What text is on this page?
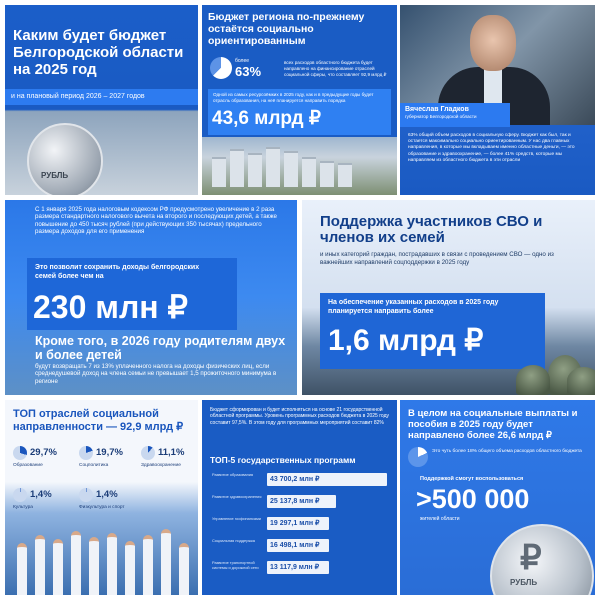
Каким будет бюджет Белгородской области на 2025 год
и на плановый период 2026 – 2027 годов
РУБЛЬ
Бюджет региона по-прежнему остаётся социально ориентированным
более
63%
всех расходов областного бюджета будет направлено на финансирование отраслей социальной сферы, что составляет 92,9 млрд ₽
Одной из самых ресурсоёмких в 2025 году, как и в предыдущие годы будет отрасль образования, на неё планируется направить порядка
43,6 млрд ₽	Вячеслав Гладков
губернатор Белгородской области
63% общий объем расходов в социальную сферу. Бюджет как был, так и остается максимально социально ориентированным. У нас два главных направления, в которые мы вкладываем именно областные деньги, — это образование и здравоохранение, — более 41% средств, которые мы направляем из областного бюджета в эти отрасли
С 1 января 2025 года налоговым кодексом РФ предусмотрено увеличение в 2 раза размера стандартного налогового вычета на второго и последующих детей, а также повышение до 450 тысяч рублей (при действующих 350 тысячах) предельного размера доходов для его применения
Это позволит сохранить доходы белгородских семей более чем на
230 млн ₽
Кроме того, в 2026 году родителям двух и более детей
будут возвращать 7 из 13% уплаченного налога на доходы физических лиц, если среднедушевой доход на члена семьи не превышает 1,5 прожиточного минимума в регионе
Поддержка участников СВО и членов их семей
и иных категорий граждан, пострадавших в связи с проведением СВО — одно из важнейших направлений соцподдержки в 2025 году
На обеспечение указанных расходов в 2025 году планируется направить более
1,6 млрд ₽
ТОП отраслей социальной направленности — 92,9 млрд ₽
29,7%
Образование
19,7%
Соцполитика
11,1%
Здравоохранение
1,4%
Культура
1,4%
Физкультура и спорт
Бюджет сформирован и будет исполняться на основе 21 государственной областной программы. Уровень программных расходов бюджета в 2025 году составит 97,5%. В этом году для программных мероприятий составит 82%
ТОП-5 государственных программ
Развитие образования
43 700,2 млн ₽
Развитие здравоохранения
25 137,8 млн ₽
Управление госфинансами
19 297,1 млн ₽
Социальная поддержка
16 498,1 млн ₽
Развитие транспортной системы и дорожной сети	13 117,9 млн ₽
В целом на социальные выплаты и пособия в 2025 году будет направлено более 26,6 млрд ₽
Это чуть более 18% общего объема расходов областного бюджета
Поддержкой смогут воспользоваться
>500 000
жителей области
₽
РУБЛЬ
